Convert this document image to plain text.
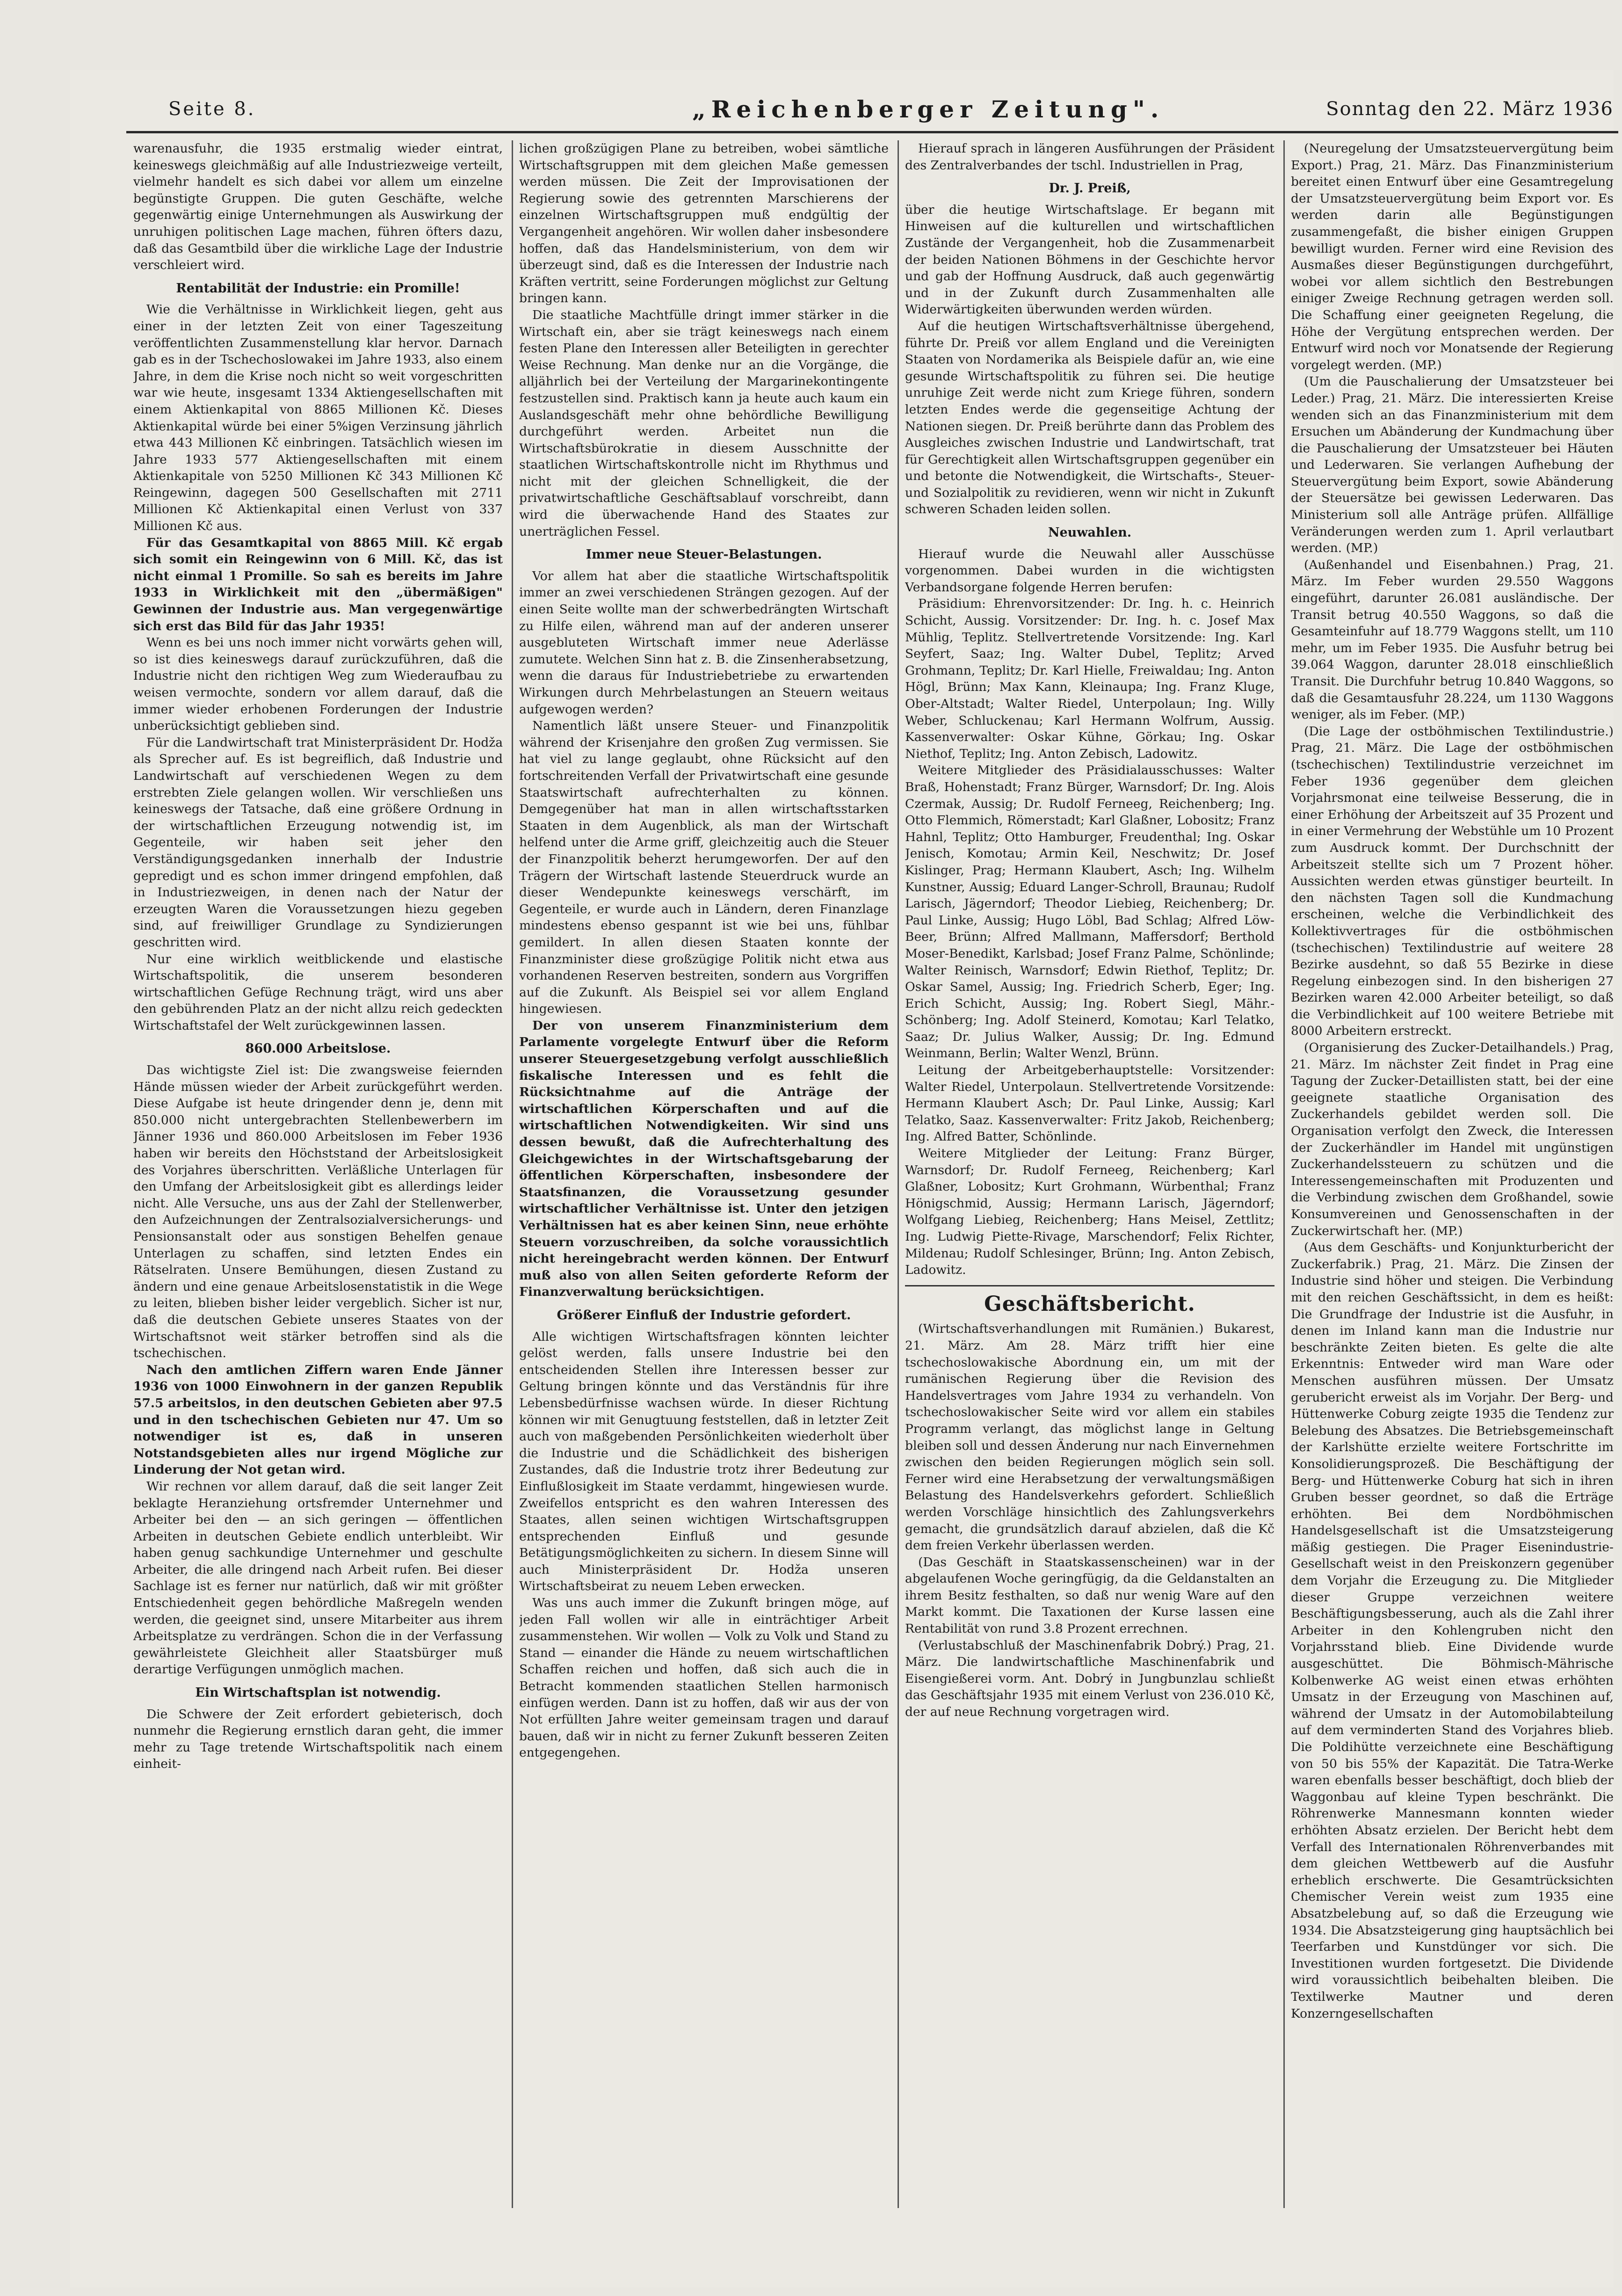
Seite 8.	„Reichenberger Zeitung".	Sonntag den 22. März 1936

warenausfuhr, die 1935 erstmalig wieder eintrat, keineswegs gleichmäßig auf alle Industriezweige verteilt, vielmehr handelt es sich dabei vor allem um einzelne begünstigte Gruppen. Die guten Geschäfte, welche gegenwärtig einige Unternehmungen als Auswirkung der unruhigen politischen Lage machen, führen öfters dazu, daß das Gesamtbild über die wirkliche Lage der Industrie verschleiert wird.

Rentabilität der Industrie: ein Promille!

Wie die Verhältnisse in Wirklichkeit liegen, geht aus einer in der letzten Zeit von einer Tageszeitung veröffentlichten Zusammenstellung klar hervor. Darnach gab es in der Tschechoslowakei im Jahre 1933, also einem Jahre, in dem die Krise noch nicht so weit vorgeschritten war wie heute, insgesamt 1334 Aktiengesellschaften mit einem Aktienkapital von 8865 Millionen Kč. Dieses Aktienkapital würde bei einer 5%igen Verzinsung jährlich etwa 443 Millionen Kč einbringen. Tatsächlich wiesen im Jahre 1933 577 Aktiengesellschaften mit einem Aktienkapitale von 5250 Millionen Kč 343 Millionen Kč Reingewinn, dagegen 500 Gesellschaften mit 2711 Millionen Kč Aktienkapital einen Verlust von 337 Millionen Kč aus.

Für das Gesamtkapital von 8865 Mill. Kč ergab sich somit ein Reingewinn von 6 Mill. Kč, das ist nicht einmal 1 Promille. So sah es bereits im Jahre 1933 in Wirklichkeit mit den „übermäßigen" Gewinnen der Industrie aus. Man vergegenwärtige sich erst das Bild für das Jahr 1935!

Wenn es bei uns noch immer nicht vorwärts gehen will, so ist dies keineswegs darauf zurückzuführen, daß die Industrie nicht den richtigen Weg zum Wiederaufbau zu weisen vermochte, sondern vor allem darauf, daß die immer wieder erhobenen Forderungen der Industrie unberücksichtigt geblieben sind.

Für die Landwirtschaft trat Ministerpräsident Dr. Hodža als Sprecher auf. Es ist begreiflich, daß Industrie und Landwirtschaft auf verschiedenen Wegen zu dem erstrebten Ziele gelangen wollen. Wir verschließen uns keineswegs der Tatsache, daß eine größere Ordnung in der wirtschaftlichen Erzeugung notwendig ist, im Gegenteile, wir haben seit jeher den Verständigungsgedanken innerhalb der Industrie gepredigt und es schon immer dringend empfohlen, daß in Industriezweigen, in denen nach der Natur der erzeugten Waren die Voraussetzungen hiezu gegeben sind, auf freiwilliger Grundlage zu Syndizierungen geschritten wird.

Nur eine wirklich weitblickende und elastische Wirtschaftspolitik, die unserem besonderen wirtschaftlichen Gefüge Rechnung trägt, wird uns aber den gebührenden Platz an der nicht allzu reich gedeckten Wirtschaftstafel der Welt zurückgewinnen lassen.

860.000 Arbeitslose.

Das wichtigste Ziel ist: Die zwangsweise feiernden Hände müssen wieder der Arbeit zurückgeführt werden. Diese Aufgabe ist heute dringender denn je, denn mit 850.000 nicht untergebrachten Stellenbewerbern im Jänner 1936 und 860.000 Arbeitslosen im Feber 1936 haben wir bereits den Höchststand der Arbeitslosigkeit des Vorjahres überschritten. Verläßliche Unterlagen für den Umfang der Arbeitslosigkeit gibt es allerdings leider nicht. Alle Versuche, uns aus der Zahl der Stellenwerber, den Aufzeichnungen der Zentralsozialversicherungs- und Pensionsanstalt oder aus sonstigen Behelfen genaue Unterlagen zu schaffen, sind letzten Endes ein Rätselraten. Unsere Bemühungen, diesen Zustand zu ändern und eine genaue Arbeitslosenstatistik in die Wege zu leiten, blieben bisher leider vergeblich. Sicher ist nur, daß die deutschen Gebiete unseres Staates von der Wirtschaftsnot weit stärker betroffen sind als die tschechischen.

Nach den amtlichen Ziffern waren Ende Jänner 1936 von 1000 Einwohnern in der ganzen Republik 57.5 arbeitslos, in den deutschen Gebieten aber 97.5 und in den tschechischen Gebieten nur 47. Um so notwendiger ist es, daß in unseren Notstandsgebieten alles nur irgend Mögliche zur Linderung der Not getan wird.

Wir rechnen vor allem darauf, daß die seit langer Zeit beklagte Heranziehung ortsfremder Unternehmer und Arbeiter bei den — an sich geringen — öffentlichen Arbeiten in deutschen Gebiete endlich unterbleibt. Wir haben genug sachkundige Unternehmer und geschulte Arbeiter, die alle dringend nach Arbeit rufen. Bei dieser Sachlage ist es ferner nur natürlich, daß wir mit größter Entschiedenheit gegen behördliche Maßregeln wenden werden, die geeignet sind, unsere Mitarbeiter aus ihrem Arbeitsplatze zu verdrängen. Schon die in der Verfassung gewährleistete Gleichheit aller Staatsbürger muß derartige Verfügungen unmöglich machen.

Ein Wirtschaftsplan ist notwendig.

Die Schwere der Zeit erfordert gebieterisch, doch nunmehr die Regierung ernstlich daran geht, die immer mehr zu Tage tretende Wirtschaftspolitik nach einem einheit-

lichen großzügigen Plane zu betreiben, wobei sämtliche Wirtschaftsgruppen mit dem gleichen Maße gemessen werden müssen. Die Zeit der Improvisationen der Regierung sowie des getrennten Marschierens der einzelnen Wirtschaftsgruppen muß endgültig der Vergangenheit angehören. Wir wollen daher insbesondere hoffen, daß das Handelsministerium, von dem wir überzeugt sind, daß es die Interessen der Industrie nach Kräften vertritt, seine Forderungen möglichst zur Geltung bringen kann.

Die staatliche Machtfülle dringt immer stärker in die Wirtschaft ein, aber sie trägt keineswegs nach einem festen Plane den Interessen aller Beteiligten in gerechter Weise Rechnung. Man denke nur an die Vorgänge, die alljährlich bei der Verteilung der Margarinekontingente festzustellen sind. Praktisch kann ja heute auch kaum ein Auslandsgeschäft mehr ohne behördliche Bewilligung durchgeführt werden. Arbeitet nun die Wirtschaftsbürokratie in diesem Ausschnitte der staatlichen Wirtschaftskontrolle nicht im Rhythmus und nicht mit der gleichen Schnelligkeit, die der privatwirtschaftliche Geschäftsablauf vorschreibt, dann wird die überwachende Hand des Staates zur unerträglichen Fessel.

Immer neue Steuer-Belastungen.

Vor allem hat aber die staatliche Wirtschaftspolitik immer an zwei verschiedenen Strängen gezogen. Auf der einen Seite wollte man der schwerbedrängten Wirtschaft zu Hilfe eilen, während man auf der anderen unserer ausgebluteten Wirtschaft immer neue Aderlässe zumutete. Welchen Sinn hat z. B. die Zinsenherabsetzung, wenn die daraus für Industriebetriebe zu erwartenden Wirkungen durch Mehrbelastungen an Steuern weitaus aufgewogen werden?

Namentlich läßt unsere Steuer- und Finanzpolitik während der Krisenjahre den großen Zug vermissen. Sie hat viel zu lange geglaubt, ohne Rücksicht auf den fortschreitenden Verfall der Privatwirtschaft eine gesunde Staatswirtschaft aufrechterhalten zu können. Demgegenüber hat man in allen wirtschaftsstarken Staaten in dem Augenblick, als man der Wirtschaft helfend unter die Arme griff, gleichzeitig auch die Steuer der Finanzpolitik beherzt herumgeworfen. Der auf den Trägern der Wirtschaft lastende Steuerdruck wurde an dieser Wendepunkte keineswegs verschärft, im Gegenteile, er wurde auch in Ländern, deren Finanzlage mindestens ebenso gespannt ist wie bei uns, fühlbar gemildert. In allen diesen Staaten konnte der Finanzminister diese großzügige Politik nicht etwa aus vorhandenen Reserven bestreiten, sondern aus Vorgriffen auf die Zukunft. Als Beispiel sei vor allem England hingewiesen.

Der von unserem Finanzministerium dem Parlamente vorgelegte Entwurf über die Reform unserer Steuergesetzgebung verfolgt ausschließlich fiskalische Interessen und es fehlt die Rücksichtnahme auf die Anträge der wirtschaftlichen Körperschaften und auf die wirtschaftlichen Notwendigkeiten. Wir sind uns dessen bewußt, daß die Aufrechterhaltung des Gleichgewichtes in der Wirtschaftsgebarung der öffentlichen Körperschaften, insbesondere der Staatsfinanzen, die Voraussetzung gesunder wirtschaftlicher Verhältnisse ist. Unter den jetzigen Verhältnissen hat es aber keinen Sinn, neue erhöhte Steuern vorzuschreiben, da solche voraussichtlich nicht hereingebracht werden können. Der Entwurf muß also von allen Seiten geforderte Reform der Finanzverwaltung berücksichtigen.

Größerer Einfluß der Industrie gefordert.

Alle wichtigen Wirtschaftsfragen könnten leichter gelöst werden, falls unsere Industrie bei den entscheidenden Stellen ihre Interessen besser zur Geltung bringen könnte und das Verständnis für ihre Lebensbedürfnisse wachsen würde. In dieser Richtung können wir mit Genugtuung feststellen, daß in letzter Zeit auch von maßgebenden Persönlichkeiten wiederholt über die Industrie und die Schädlichkeit des bisherigen Zustandes, daß die Industrie trotz ihrer Bedeutung zur Einflußlosigkeit im Staate verdammt, hingewiesen wurde. Zweifellos entspricht es den wahren Interessen des Staates, allen seinen wichtigen Wirtschaftsgruppen entsprechenden Einfluß und gesunde Betätigungsmöglichkeiten zu sichern. In diesem Sinne will auch Ministerpräsident Dr. Hodža unseren Wirtschaftsbeirat zu neuem Leben erwecken.

Was uns auch immer die Zukunft bringen möge, auf jeden Fall wollen wir alle in einträchtiger Arbeit zusammenstehen. Wir wollen — Volk zu Volk und Stand zu Stand — einander die Hände zu neuem wirtschaftlichen Schaffen reichen und hoffen, daß sich auch die in Betracht kommenden staatlichen Stellen harmonisch einfügen werden. Dann ist zu hoffen, daß wir aus der von Not erfüllten Jahre weiter gemeinsam tragen und darauf bauen, daß wir in nicht zu ferner Zukunft besseren Zeiten entgegengehen.

Hierauf sprach in längeren Ausführungen der Präsident des Zentralverbandes der tschl. Industriellen in Prag,

Dr. J. Preiß,

über die heutige Wirtschaftslage. Er begann mit Hinweisen auf die kulturellen und wirtschaftlichen Zustände der Vergangenheit, hob die Zusammenarbeit der beiden Nationen Böhmens in der Geschichte hervor und gab der Hoffnung Ausdruck, daß auch gegenwärtig und in der Zukunft durch Zusammenhalten alle Widerwärtigkeiten überwunden werden würden.

Auf die heutigen Wirtschaftsverhältnisse übergehend, führte Dr. Preiß vor allem England und die Vereinigten Staaten von Nordamerika als Beispiele dafür an, wie eine gesunde Wirtschaftspolitik zu führen sei. Die heutige unruhige Zeit werde nicht zum Kriege führen, sondern letzten Endes werde die gegenseitige Achtung der Nationen siegen. Dr. Preiß berührte dann das Problem des Ausgleiches zwischen Industrie und Landwirtschaft, trat für Gerechtigkeit allen Wirtschaftsgruppen gegenüber ein und betonte die Notwendigkeit, die Wirtschafts-, Steuer- und Sozialpolitik zu revidieren, wenn wir nicht in Zukunft schweren Schaden leiden sollen.

Neuwahlen.

Hierauf wurde die Neuwahl aller Ausschüsse vorgenommen. Dabei wurden in die wichtigsten Verbandsorgane folgende Herren berufen:

Präsidium: Ehrenvorsitzender: Dr. Ing. h. c. Heinrich Schicht, Aussig. Vorsitzender: Dr. Ing. h. c. Josef Max Mühlig, Teplitz. Stellvertretende Vorsitzende: Ing. Karl Seyfert, Saaz; Ing. Walter Dubel, Teplitz; Arved Grohmann, Teplitz; Dr. Karl Hielle, Freiwaldau; Ing. Anton Högl, Brünn; Max Kann, Kleinaupa; Ing. Franz Kluge, Ober-Altstadt; Walter Riedel, Unterpolaun; Ing. Willy Weber, Schluckenau; Karl Hermann Wolfrum, Aussig. Kassenverwalter: Oskar Kühne, Görkau; Ing. Oskar Niethof, Teplitz; Ing. Anton Zebisch, Ladowitz.

Weitere Mitglieder des Präsidialausschusses: Walter Braß, Hohenstadt; Franz Bürger, Warnsdorf; Dr. Ing. Alois Czermak, Aussig; Dr. Rudolf Ferneeg, Reichenberg; Ing. Otto Flemmich, Römerstadt; Karl Glaßner, Lobositz; Franz Hahnl, Teplitz; Otto Hamburger, Freudenthal; Ing. Oskar Jenisch, Komotau; Armin Keil, Neschwitz; Dr. Josef Kislinger, Prag; Hermann Klaubert, Asch; Ing. Wilhelm Kunstner, Aussig; Eduard Langer-Schroll, Braunau; Rudolf Larisch, Jägerndorf; Theodor Liebieg, Reichenberg; Dr. Paul Linke, Aussig; Hugo Löbl, Bad Schlag; Alfred Löw-Beer, Brünn; Alfred Mallmann, Maffersdorf; Berthold Moser-Benedikt, Karlsbad; Josef Franz Palme, Schönlinde; Walter Reinisch, Warnsdorf; Edwin Riethof, Teplitz; Dr. Oskar Samel, Aussig; Ing. Friedrich Scherb, Eger; Ing. Erich Schicht, Aussig; Ing. Robert Siegl, Mähr.-Schönberg; Ing. Adolf Steinerd, Komotau; Karl Telatko, Saaz; Dr. Julius Walker, Aussig; Dr. Ing. Edmund Weinmann, Berlin; Walter Wenzl, Brünn.

Leitung der Arbeitgeberhauptstelle: Vorsitzender: Walter Riedel, Unterpolaun. Stellvertretende Vorsitzende: Hermann Klaubert Asch; Dr. Paul Linke, Aussig; Karl Telatko, Saaz. Kassenverwalter: Fritz Jakob, Reichenberg; Ing. Alfred Batter, Schönlinde.

Weitere Mitglieder der Leitung: Franz Bürger, Warnsdorf; Dr. Rudolf Ferneeg, Reichenberg; Karl Glaßner, Lobositz; Kurt Grohmann, Würbenthal; Franz Hönigschmid, Aussig; Hermann Larisch, Jägerndorf; Wolfgang Liebieg, Reichenberg; Hans Meisel, Zettlitz; Ing. Ludwig Piette-Rivage, Marschendorf; Felix Richter, Mildenau; Rudolf Schlesinger, Brünn; Ing. Anton Zebisch, Ladowitz.

Geschäftsbericht.

(Wirtschaftsverhandlungen mit Rumänien.) Bukarest, 21. März. Am 28. März trifft hier eine tschechoslowakische Abordnung ein, um mit der rumänischen Regierung über die Revision des Handelsvertrages vom Jahre 1934 zu verhandeln. Von tschechoslowakischer Seite wird vor allem ein stabiles Programm verlangt, das möglichst lange in Geltung bleiben soll und dessen Änderung nur nach Einvernehmen zwischen den beiden Regierungen möglich sein soll. Ferner wird eine Herabsetzung der verwaltungsmäßigen Belastung des Handelsverkehrs gefordert. Schließlich werden Vorschläge hinsichtlich des Zahlungsverkehrs gemacht, die grundsätzlich darauf abzielen, daß die Kč dem freien Verkehr überlassen werden.

(Das Geschäft in Staatskassenscheinen) war in der abgelaufenen Woche geringfügig, da die Geldanstalten an ihrem Besitz festhalten, so daß nur wenig Ware auf den Markt kommt. Die Taxationen der Kurse lassen eine Rentabilität von rund 3.8 Prozent errechnen.

(Verlustabschluß der Maschinenfabrik Dobrý.) Prag, 21. März. Die landwirtschaftliche Maschinenfabrik und Eisengießerei vorm. Ant. Dobrý in Jungbunzlau schließt das Geschäftsjahr 1935 mit einem Verlust von 236.010 Kč, der auf neue Rechnung vorgetragen wird.

(Neuregelung der Umsatzsteuervergütung beim Export.) Prag, 21. März. Das Finanzministerium bereitet einen Entwurf über eine Gesamtregelung der Umsatzsteuervergütung beim Export vor. Es werden darin alle Begünstigungen zusammengefaßt, die bisher einigen Gruppen bewilligt wurden. Ferner wird eine Revision des Ausmaßes dieser Begünstigungen durchgeführt, wobei vor allem sichtlich den Bestrebungen einiger Zweige Rechnung getragen werden soll. Die Schaffung einer geeigneten Regelung, die Höhe der Vergütung entsprechen werden. Der Entwurf wird noch vor Monatsende der Regierung vorgelegt werden. (MP.)

(Um die Pauschalierung der Umsatzsteuer bei Leder.) Prag, 21. März. Die interessierten Kreise wenden sich an das Finanzministerium mit dem Ersuchen um Abänderung der Kundmachung über die Pauschalierung der Umsatzsteuer bei Häuten und Lederwaren. Sie verlangen Aufhebung der Steuervergütung beim Export, sowie Abänderung der Steuersätze bei gewissen Lederwaren. Das Ministerium soll alle Anträge prüfen. Allfällige Veränderungen werden zum 1. April verlautbart werden. (MP.)

(Außenhandel und Eisenbahnen.) Prag, 21. März. Im Feber wurden 29.550 Waggons eingeführt, darunter 26.081 ausländische. Der Transit betrug 40.550 Waggons, so daß die Gesamteinfuhr auf 18.779 Waggons stellt, um 110 mehr, um im Feber 1935. Die Ausfuhr betrug bei 39.064 Waggon, darunter 28.018 einschließlich Transit. Die Durchfuhr betrug 10.840 Waggons, so daß die Gesamtausfuhr 28.224, um 1130 Waggons weniger, als im Feber. (MP.)

(Die Lage der ostböhmischen Textilindustrie.) Prag, 21. März. Die Lage der ostböhmischen (tschechischen) Textilindustrie verzeichnet im Feber 1936 gegenüber dem gleichen Vorjahrsmonat eine teilweise Besserung, die in einer Erhöhung der Arbeitszeit auf 35 Prozent und in einer Vermehrung der Webstühle um 10 Prozent zum Ausdruck kommt. Der Durchschnitt der Arbeitszeit stellte sich um 7 Prozent höher. Aussichten werden etwas günstiger beurteilt. In den nächsten Tagen soll die Kundmachung erscheinen, welche die Verbindlichkeit des Kollektivvertrages für die ostböhmischen (tschechischen) Textilindustrie auf weitere 28 Bezirke ausdehnt, so daß 55 Bezirke in diese Regelung einbezogen sind. In den bisherigen 27 Bezirken waren 42.000 Arbeiter beteiligt, so daß die Verbindlichkeit auf 100 weitere Betriebe mit 8000 Arbeitern erstreckt.

(Organisierung des Zucker-Detailhandels.) Prag, 21. März. Im nächster Zeit findet in Prag eine Tagung der Zucker-Detaillisten statt, bei der eine geeignete staatliche Organisation des Zuckerhandels gebildet werden soll. Die Organisation verfolgt den Zweck, die Interessen der Zuckerhändler im Handel mit ungünstigen Zuckerhandelssteuern zu schützen und die Interessengemeinschaften mit Produzenten und die Verbindung zwischen dem Großhandel, sowie Konsumvereinen und Genossenschaften in der Zuckerwirtschaft her. (MP.)

(Aus dem Geschäfts- und Konjunkturbericht der Zuckerfabrik.) Prag, 21. März. Die Zinsen der Industrie sind höher und steigen. Die Verbindung mit den reichen Geschäftssicht, in dem es heißt: Die Grundfrage der Industrie ist die Ausfuhr, in denen im Inland kann man die Industrie nur beschränkte Zeiten bieten. Es gelte die alte Erkenntnis: Entweder wird man Ware oder Menschen ausführen müssen. Der Umsatz gerubericht erweist als im Vorjahr. Der Berg- und Hüttenwerke Coburg zeigte 1935 die Tendenz zur Belebung des Absatzes. Die Betriebsgemeinschaft der Karlshütte erzielte weitere Fortschritte im Konsolidierungsprozeß. Die Beschäftigung der Berg- und Hüttenwerke Coburg hat sich in ihren Gruben besser geordnet, so daß die Erträge erhöhten. Bei dem Nordböhmischen Handelsgesellschaft ist die Umsatzsteigerung mäßig gestiegen. Die Prager Eisenindustrie-Gesellschaft weist in den Preiskonzern gegenüber dem Vorjahr die Erzeugung zu. Die Mitglieder dieser Gruppe verzeichnen weitere Beschäftigungsbesserung, auch als die Zahl ihrer Arbeiter in den Kohlengruben nicht den Vorjahrsstand blieb. Eine Dividende wurde ausgeschüttet. Die Böhmisch-Mährische Kolbenwerke AG weist einen etwas erhöhten Umsatz in der Erzeugung von Maschinen auf, während der Umsatz in der Automobilabteilung auf dem verminderten Stand des Vorjahres blieb. Die Poldihütte verzeichnete eine Beschäftigung von 50 bis 55% der Kapazität. Die Tatra-Werke waren ebenfalls besser beschäftigt, doch blieb der Waggonbau auf kleine Typen beschränkt. Die Röhrenwerke Mannesmann konnten wieder erhöhten Absatz erzielen. Der Bericht hebt dem Verfall des Internationalen Röhrenverbandes mit dem gleichen Wettbewerb auf die Ausfuhr erheblich erschwerte. Die Gesamtrücksichten Chemischer Verein weist zum 1935 eine Absatzbelebung auf, so daß die Erzeugung wie 1934. Die Absatzsteigerung ging hauptsächlich bei Teerfarben und Kunstdünger vor sich. Die Investitionen wurden fortgesetzt. Die Dividende wird voraussichtlich beibehalten bleiben. Die Textilwerke Mautner und deren Konzerngesellschaften
